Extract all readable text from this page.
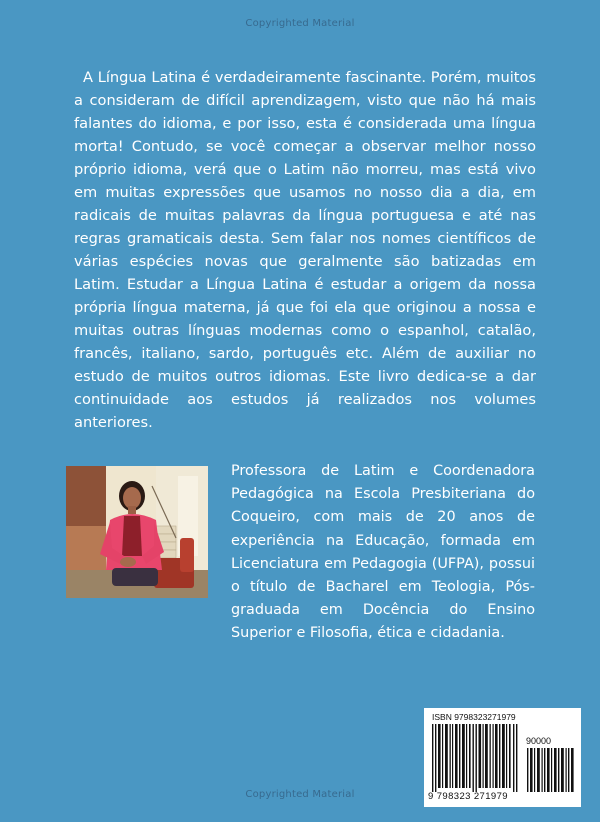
Copyrighted Material

A Língua Latina é verdadeiramente fascinante. Porém, muitos a consideram de difícil aprendizagem, visto que não há mais falantes do idioma, e por isso, esta é considerada uma língua morta! Contudo, se você começar a observar melhor nosso próprio idioma, verá que o Latim não morreu, mas está vivo em muitas expressões que usamos no nosso dia a dia, em radicais de muitas palavras da língua portuguesa e até nas regras gramaticais desta. Sem falar nos nomes científicos de várias espécies novas que geralmente são batizadas em Latim. Estudar a Língua Latina é estudar a origem da nossa própria língua materna, já que foi ela que originou a nossa e muitas outras línguas modernas como o espanhol, catalão, francês, italiano, sardo, português etc. Além de auxiliar no estudo de muitos outros idiomas. Este livro dedica-se a dar continuidade aos estudos já realizados nos volumes anteriores.

Professora de Latim e Coordenadora Pedagógica na Escola Presbiteriana do Coqueiro, com mais de 20 anos de experiência na Educação, formada em Licenciatura em Pedagogia (UFPA), possui o título de Bacharel em Teologia, Pós-graduada em Docência do Ensino Superior e Filosofia, ética e cidadania.

ISBN 9798323271979
90000
9 798323 271979
Copyrighted Material
